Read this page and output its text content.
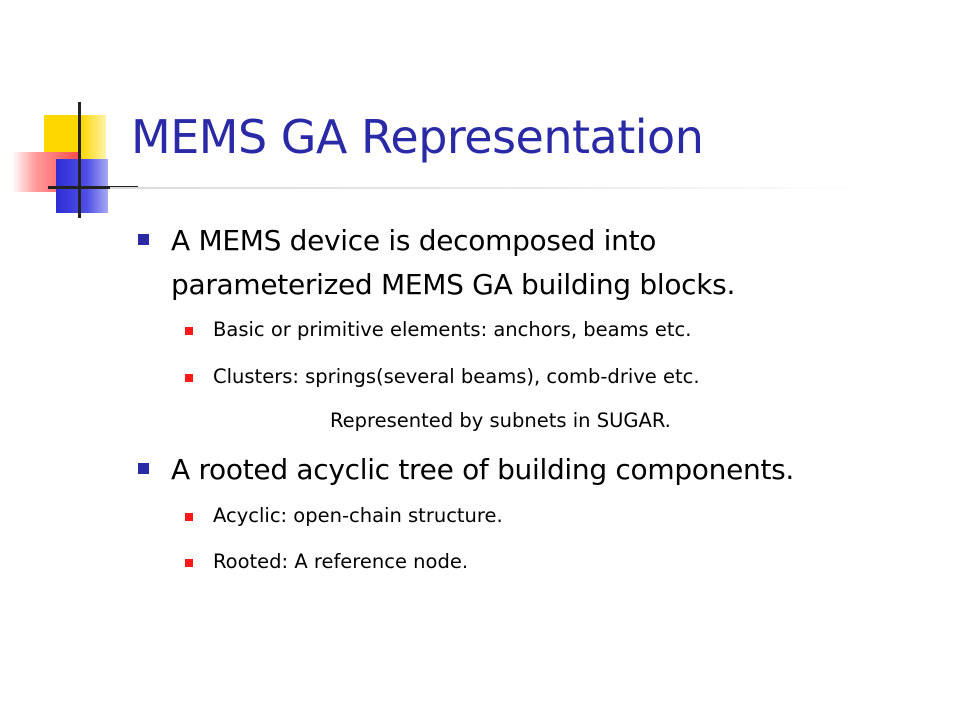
MEMS GA Representation
A MEMS device is decomposed into
parameterized MEMS GA building blocks.
Basic or primitive elements: anchors, beams etc.
Clusters: springs(several beams), comb-drive etc.
Represented by subnets in SUGAR.
A rooted acyclic tree of building components.
Acyclic: open-chain structure.
Rooted: A reference node.
